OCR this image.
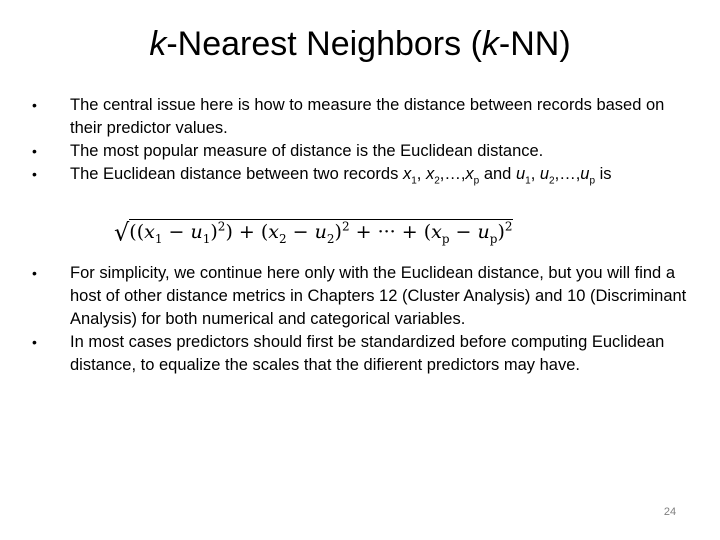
k-Nearest Neighbors (k-NN)
• The central issue here is how to measure the distance between records based on their predictor values.
• The most popular measure of distance is the Euclidean distance.
• The Euclidean distance between two records $x_1$, $x_2,\dots,x_p$ and $u_1$, $u_2,\dots,u_p$ is
$√((x_1 - u_1)^2) + (x_2 - u_2)^2$ + ··· + $(x_p - u_p)^2$
• For simplicity, we continue here only with the Euclidean distance, but you will find a host of other distance metrics in Chapters 12 (Cluster Analysis) and 10 (Discriminant Analysis) for both numerical and categorical variables.
• In most cases predictors should first be standardized before computing Euclidean distance, to equalize the scales that the difierent predictors may have.
24
